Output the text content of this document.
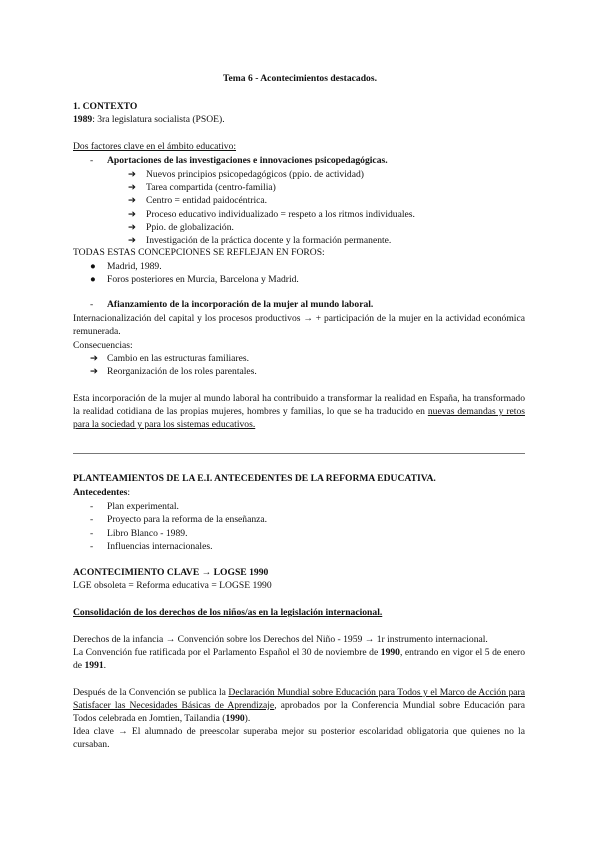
Tema 6 - Acontecimientos destacados.
1. CONTEXTO
1989: 3ra legislatura socialista (PSOE).
Dos factores clave en el ámbito educativo:
- Aportaciones de las investigaciones e innovaciones psicopedagógicas.
➔ Nuevos principios psicopedagógicos (ppio. de actividad)
➔ Tarea compartida (centro-familia)
➔ Centro = entidad paidocéntrica.
➔ Proceso educativo individualizado = respeto a los ritmos individuales.
➔ Ppio. de globalización.
➔ Investigación de la práctica docente y la formación permanente.
TODAS ESTAS CONCEPCIONES SE REFLEJAN EN FOROS:
● Madrid, 1989.
● Foros posteriores en Murcia, Barcelona y Madrid.
- Afianzamiento de la incorporación de la mujer al mundo laboral.
Internacionalización del capital y los procesos productivos → + participación de la mujer en la actividad económica remunerada.
Consecuencias:
➔ Cambio en las estructuras familiares.
➔ Reorganización de los roles parentales.
Esta incorporación de la mujer al mundo laboral ha contribuido a transformar la realidad en España, ha transformado la realidad cotidiana de las propias mujeres, hombres y familias, lo que se ha traducido en nuevas demandas y retos para la sociedad y para los sistemas educativos.
PLANTEAMIENTOS DE LA E.I. ANTECEDENTES DE LA REFORMA EDUCATIVA.
Antecedentes:
- Plan experimental.
- Proyecto para la reforma de la enseñanza.
- Libro Blanco - 1989.
- Influencias internacionales.
ACONTECIMIENTO CLAVE → LOGSE 1990
LGE obsoleta = Reforma educativa = LOGSE 1990
Consolidación de los derechos de los niños/as en la legislación internacional.
Derechos de la infancia → Convención sobre los Derechos del Niño - 1959 → 1r instrumento internacional.
La Convención fue ratificada por el Parlamento Español el 30 de noviembre de 1990, entrando en vigor el 5 de enero de 1991.
Después de la Convención se publica la Declaración Mundial sobre Educación para Todos y el Marco de Acción para Satisfacer las Necesidades Básicas de Aprendizaje, aprobados por la Conferencia Mundial sobre Educación para Todos celebrada en Jomtien, Tailandia (1990).
Idea clave → El alumnado de preescolar superaba mejor su posterior escolaridad obligatoria que quienes no la cursaban.
